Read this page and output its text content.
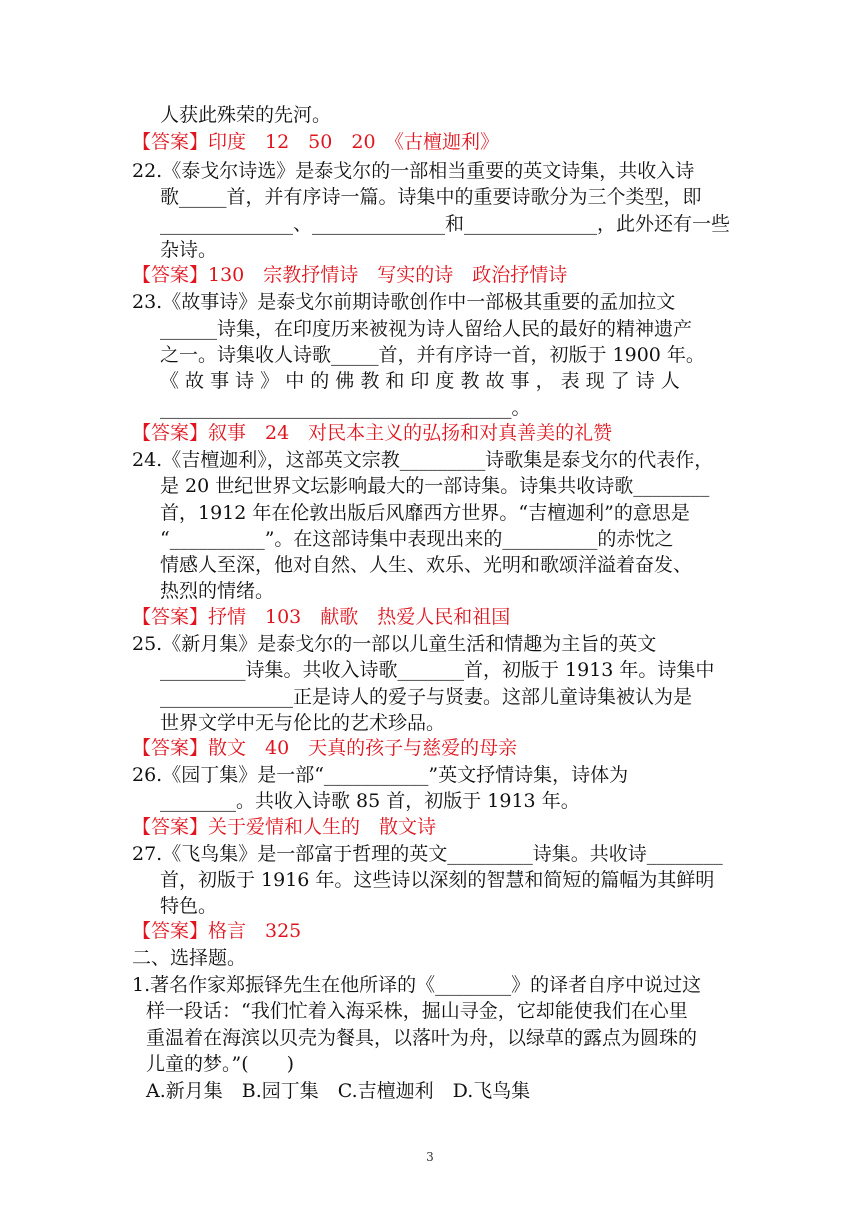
人获此殊荣的先河。
【答案】印度　12　50　20　《古檀迦利》
22.《泰戈尔诗选》是泰戈尔的一部相当重要的英文诗集，共收入诗
歌_____首，并有序诗一篇。诗集中的重要诗歌分为三个类型，即
______________、______________和______________，此外还有一些
杂诗。
【答案】130　宗教抒情诗　写实的诗　政治抒情诗
23.《故事诗》是泰戈尔前期诗歌创作中一部极其重要的孟加拉文
______诗集，在印度历来被视为诗人留给人民的最好的精神遗产
之一。诗集收人诗歌_____首，并有序诗一首，初版于 1900 年。
《 故 事 诗 》 中 的 佛 教 和 印 度 教 故 事 ， 表 现 了 诗 人
_____________________________________。
【答案】叙事　24　对民本主义的弘扬和对真善美的礼赞
24.《吉檀迦利》，这部英文宗教_________诗歌集是泰戈尔的代表作，
是 20 世纪世界文坛影响最大的一部诗集。诗集共收诗歌________
首，1912 年在伦敦出版后风靡西方世界。“吉檀迦利”的意思是
“__________”。在这部诗集中表现出来的__________的赤忱之
情感人至深，他对自然、人生、欢乐、光明和歌颂洋溢着奋发、
热烈的情绪。
【答案】抒情　103　献歌　热爱人民和祖国
25.《新月集》是泰戈尔的一部以儿童生活和情趣为主旨的英文
_________诗集。共收入诗歌_______首，初版于 1913 年。诗集中
______________正是诗人的爱子与贤妻。这部儿童诗集被认为是
世界文学中无与伦比的艺术珍品。
【答案】散文　40　天真的孩子与慈爱的母亲
26.《园丁集》是一部“___________”英文抒情诗集，诗体为
________。共收入诗歌 85 首，初版于 1913 年。
【答案】关于爱情和人生的　散文诗
27.《飞鸟集》是一部富于哲理的英文_________诗集。共收诗________
首，初版于 1916 年。这些诗以深刻的智慧和简短的篇幅为其鲜明
特色。
【答案】格言　325
二、选择题。
1.著名作家郑振铎先生在他所译的《________》的译者自序中说过这
样一段话：“我们忙着入海采株，掘山寻金，它却能使我们在心里
重温着在海滨以贝壳为餐具，以落叶为舟，以绿草的露点为圆珠的
儿童的梦。”(　　)
A.新月集　B.园丁集　C.吉檀迦利　D.飞鸟集
3
